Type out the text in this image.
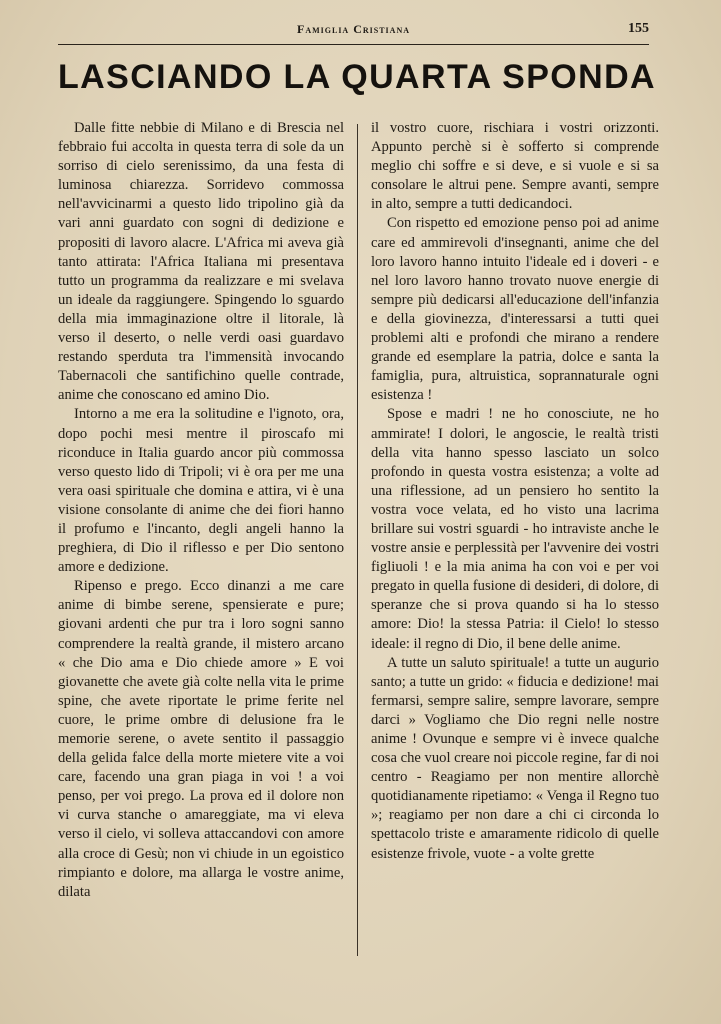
Famiglia Cristiana	155
LASCIANDO LA QUARTA SPONDA

Dalle fitte nebbie di Milano e di Brescia nel febbraio fui accolta in questa terra di sole da un sorriso di cielo serenissimo, da una festa di luminosa chiarezza. Sorridevo commossa nell'avvicinarmi a questo lido tripolino già da vari anni guardato con sogni di dedizione e propositi di lavoro alacre. L'Africa mi aveva già tanto attirata: l'Africa Italiana mi presentava tutto un programma da realizzare e mi svelava un ideale da raggiungere. Spingendo lo sguardo della mia immaginazione oltre il litorale, là verso il deserto, o nelle verdi oasi guardavo restando sperduta tra l'immensità invocando Tabernacoli che santifichino quelle contrade, anime che conoscano ed amino Dio.

Intorno a me era la solitudine e l'ignoto, ora, dopo pochi mesi mentre il piroscafo mi riconduce in Italia guardo ancor più commossa verso questo lido di Tripoli; vi è ora per me una vera oasi spirituale che domina e attira, vi è una visione consolante di anime che dei fiori hanno il profumo e l'incanto, degli angeli hanno la preghiera, di Dio il riflesso e per Dio sentono amore e dedizione.

Ripenso e prego. Ecco dinanzi a me care anime di bimbe serene, spensierate e pure; giovani ardenti che pur tra i loro sogni sanno comprendere la realtà grande, il mistero arcano « che Dio ama e Dio chiede amore » E voi giovanette che avete già colte nella vita le prime spine, che avete riportate le prime ferite nel cuore, le prime ombre di delusione fra le memorie serene, o avete sentito il passaggio della gelida falce della morte mietere vite a voi care, facendo una gran piaga in voi ! a voi penso, per voi prego. La prova ed il dolore non vi curva stanche o amareggiate, ma vi eleva verso il cielo, vi solleva attaccandovi con amore alla croce di Gesù; non vi chiude in un egoistico rimpianto e dolore, ma allarga le vostre anime, dilata

il vostro cuore, rischiara i vostri orizzonti. Appunto perchè si è sofferto si comprende meglio chi soffre e si deve, e si vuole e si sa consolare le altrui pene. Sempre avanti, sempre in alto, sempre a tutti dedicandoci.

Con rispetto ed emozione penso poi ad anime care ed ammirevoli d'insegnanti, anime che del loro lavoro hanno intuito l'ideale ed i doveri - e nel loro lavoro hanno trovato nuove energie di sempre più dedicarsi all'educazione dell'infanzia e della giovinezza, d'interessarsi a tutti quei problemi alti e profondi che mirano a rendere grande ed esemplare la patria, dolce e santa la famiglia, pura, altruistica, soprannaturale ogni esistenza !

Spose e madri ! ne ho conosciute, ne ho ammirate! I dolori, le angoscie, le realtà tristi della vita hanno spesso lasciato un solco profondo in questa vostra esistenza; a volte ad una riflessione, ad un pensiero ho sentito la vostra voce velata, ed ho visto una lacrima brillare sui vostri sguardi - ho intraviste anche le vostre ansie e perplessità per l'avvenire dei vostri figliuoli ! e la mia anima ha con voi e per voi pregato in quella fusione di desideri, di dolore, di speranze che si prova quando si ha lo stesso amore: Dio! la stessa Patria: il Cielo! lo stesso ideale: il regno di Dio, il bene delle anime.

A tutte un saluto spirituale! a tutte un augurio santo; a tutte un grido: « fiducia e dedizione! mai fermarsi, sempre salire, sempre lavorare, sempre darci » Vogliamo che Dio regni nelle nostre anime ! Ovunque e sempre vi è invece qualche cosa che vuol creare noi piccole regine, far di noi centro - Reagiamo per non mentire allorchè quotidianamente ripetiamo: « Venga il Regno tuo »; reagiamo per non dare a chi ci circonda lo spettacolo triste e amaramente ridicolo di quelle esistenze frivole, vuote - a volte grette
